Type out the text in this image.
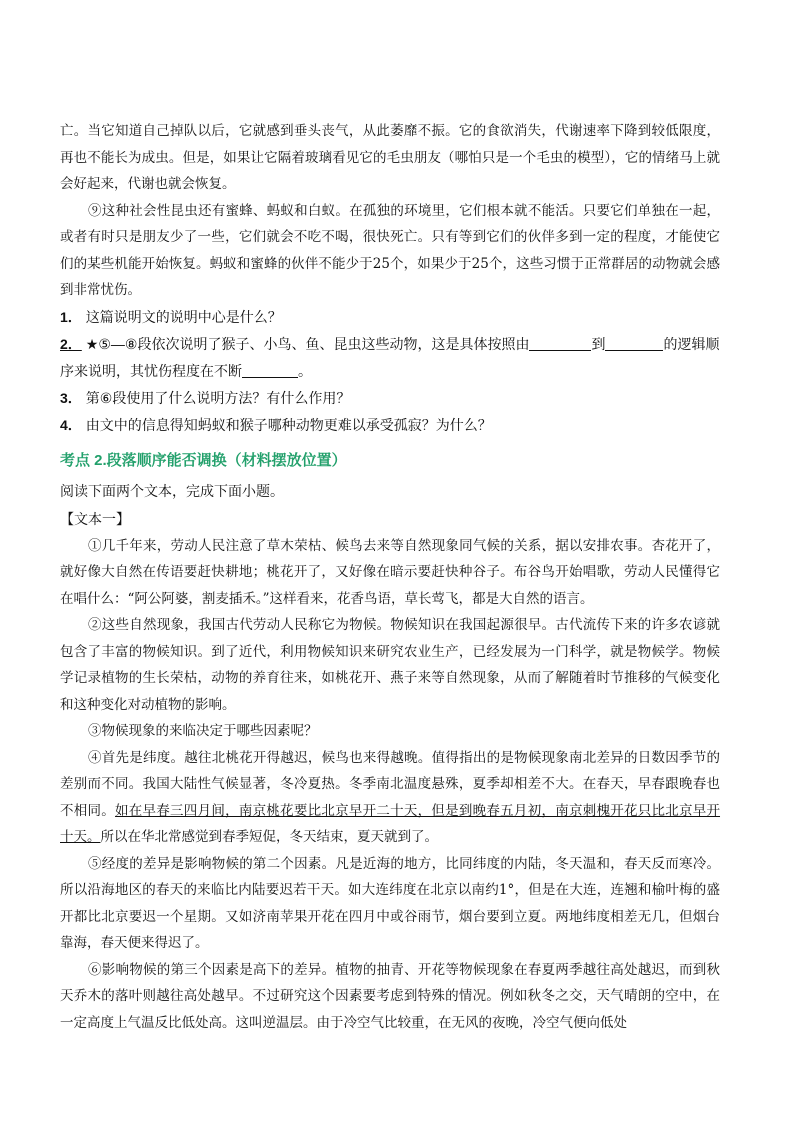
亡。当它知道自己掉队以后，它就感到垂头丧气，从此萎靡不振。它的食欲消失，代谢速率下降到较低限度，再也不能长为成虫。但是，如果让它隔着玻璃看见它的毛虫朋友（哪怕只是一个毛虫的模型），它的情绪马上就会好起来，代谢也就会恢复。

⑨这种社会性昆虫还有蜜蜂、蚂蚁和白蚁。在孤独的环境里，它们根本就不能活。只要它们单独在一起，或者有时只是朋友少了一些，它们就会不吃不喝，很快死亡。只有等到它们的伙伴多到一定的程度，才能使它们的某些机能开始恢复。蚂蚁和蜜蜂的伙伴不能少于25个，如果少于25个，这些习惯于正常群居的动物就会感到非常忧伤。

1． 这篇说明文的说明中心是什么？

2． ★⑤—⑧段依次说明了猴子、小鸟、鱼、昆虫这些动物，这是具体按照由	到	的逻辑顺序来说明，其忧伤程度在不断	。

3． 第⑥段使用了什么说明方法？有什么作用？

4． 由文中的信息得知蚂蚁和猴子哪种动物更难以承受孤寂？为什么？

考点 2.段落顺序能否调换（材料摆放位置）

阅读下面两个文本，完成下面小题。

【文本一】

①几千年来，劳动人民注意了草木荣枯、候鸟去来等自然现象同气候的关系，据以安排农事。杏花开了，就好像大自然在传语要赶快耕地；桃花开了，又好像在暗示要赶快种谷子。布谷鸟开始唱歌，劳动人民懂得它在唱什么：“阿公阿婆，割麦插禾。”这样看来，花香鸟语，草长莺飞，都是大自然的语言。

②这些自然现象，我国古代劳动人民称它为物候。物候知识在我国起源很早。古代流传下来的许多农谚就包含了丰富的物候知识。到了近代，利用物候知识来研究农业生产，已经发展为一门科学，就是物候学。物候学记录植物的生长荣枯，动物的养育往来，如桃花开、燕子来等自然现象，从而了解随着时节推移的气候变化和这种变化对动植物的影响。

③物候现象的来临决定于哪些因素呢？

④首先是纬度。越往北桃花开得越迟，候鸟也来得越晚。值得指出的是物候现象南北差异的日数因季节的差别而不同。我国大陆性气候显著，冬冷夏热。冬季南北温度悬殊，夏季却相差不大。在春天，早春跟晚春也不相同。如在早春三四月间，南京桃花要比北京早开二十天，但是到晚春五月初，南京刺槐开花只比北京早开十天。所以在华北常感觉到春季短促，冬天结束，夏天就到了。

⑤经度的差异是影响物候的第二个因素。凡是近海的地方，比同纬度的内陆，冬天温和，春天反而寒冷。所以沿海地区的春天的来临比内陆要迟若干天。如大连纬度在北京以南约1°，但是在大连，连翘和榆叶梅的盛开都比北京要迟一个星期。又如济南苹果开花在四月中或谷雨节，烟台要到立夏。两地纬度相差无几，但烟台靠海，春天便来得迟了。

⑥影响物候的第三个因素是高下的差异。植物的抽青、开花等物候现象在春夏两季越往高处越迟，而到秋天乔木的落叶则越往高处越早。不过研究这个因素要考虑到特殊的情况。例如秋冬之交，天气晴朗的空中，在一定高度上气温反比低处高。这叫逆温层。由于冷空气比较重，在无风的夜晚，冷空气便向低处
